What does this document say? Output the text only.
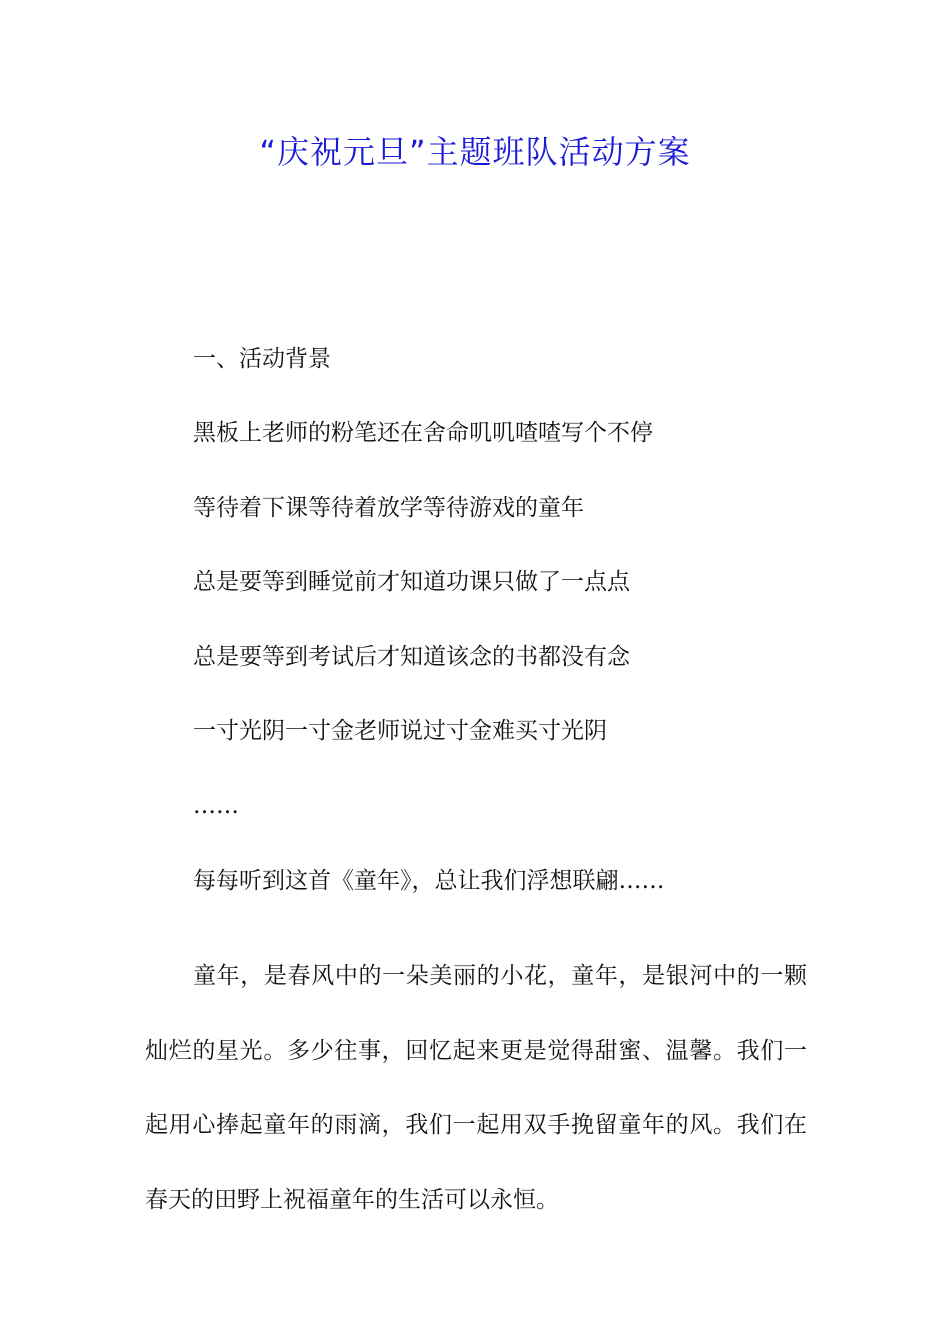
“庆祝元旦”主题班队活动方案
一、活动背景
黑板上老师的粉笔还在舍命叽叽喳喳写个不停
等待着下课等待着放学等待游戏的童年
总是要等到睡觉前才知道功课只做了一点点
总是要等到考试后才知道该念的书都没有念
一寸光阴一寸金老师说过寸金难买寸光阴
……
每每听到这首《童年》，总让我们浮想联翩……
童年，是春风中的一朵美丽的小花，童年，是银河中的一颗灿烂的星光。多少往事，回忆起来更是觉得甜蜜、温馨。我们一起用心捧起童年的雨滴，我们一起用双手挽留童年的风。我们在春天的田野上祝福童年的生活可以永恒。
